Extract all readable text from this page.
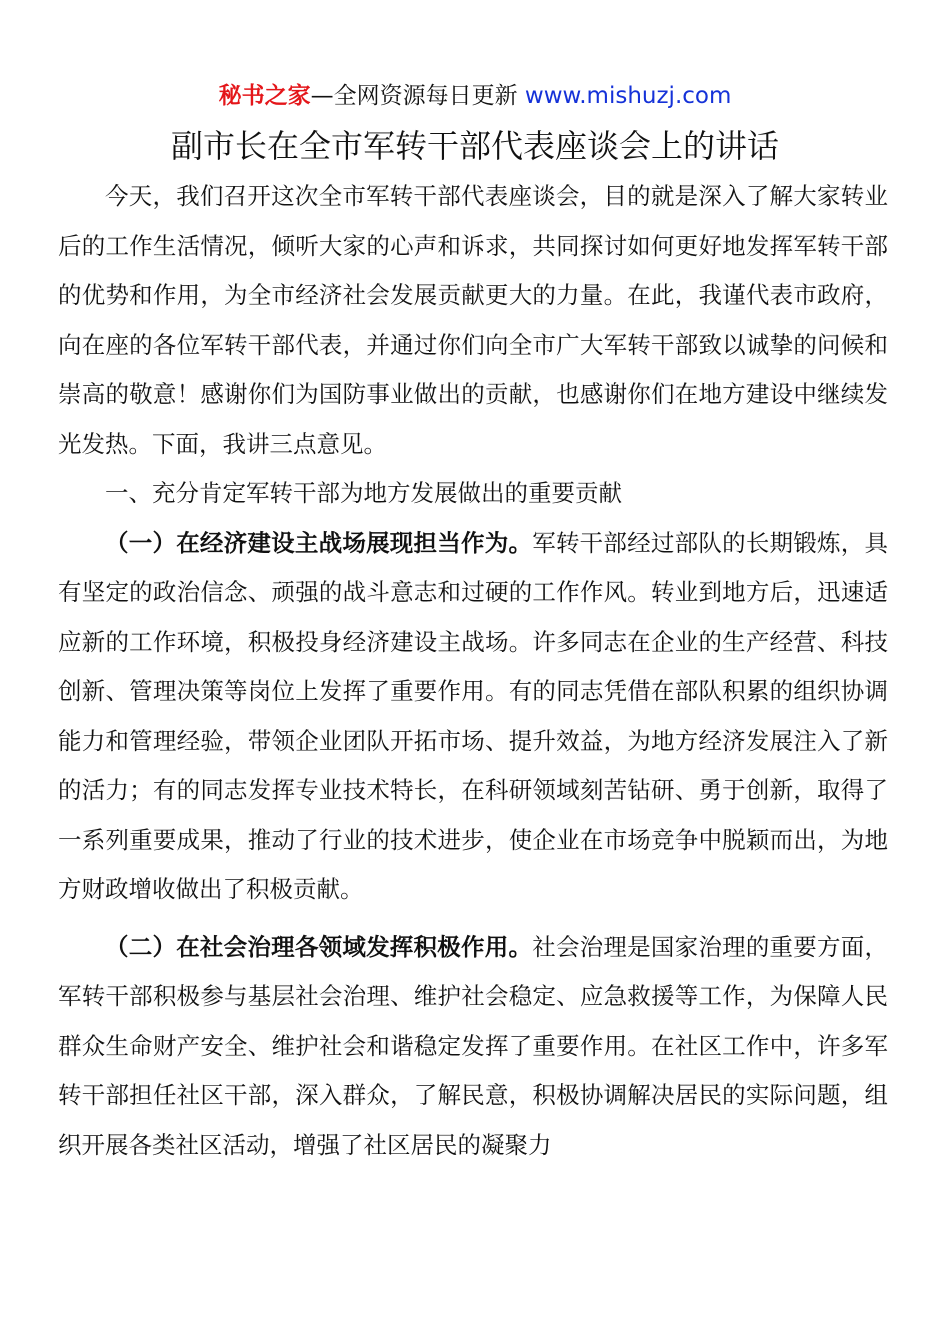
秘书之家—全网资源每日更新 www.mishuzj.com
副市长在全市军转干部代表座谈会上的讲话

今天，我们召开这次全市军转干部代表座谈会，目的就是深入了解大家转业后的工作生活情况，倾听大家的心声和诉求，共同探讨如何更好地发挥军转干部的优势和作用，为全市经济社会发展贡献更大的力量。在此，我谨代表市政府，向在座的各位军转干部代表，并通过你们向全市广大军转干部致以诚挚的问候和崇高的敬意！感谢你们为国防事业做出的贡献，也感谢你们在地方建设中继续发光发热。下面，我讲三点意见。

一、充分肯定军转干部为地方发展做出的重要贡献

（一）在经济建设主战场展现担当作为。军转干部经过部队的长期锻炼，具有坚定的政治信念、顽强的战斗意志和过硬的工作作风。转业到地方后，迅速适应新的工作环境，积极投身经济建设主战场。许多同志在企业的生产经营、科技创新、管理决策等岗位上发挥了重要作用。有的同志凭借在部队积累的组织协调能力和管理经验，带领企业团队开拓市场、提升效益，为地方经济发展注入了新的活力；有的同志发挥专业技术特长，在科研领域刻苦钻研、勇于创新，取得了一系列重要成果，推动了行业的技术进步，使企业在市场竞争中脱颖而出，为地方财政增收做出了积极贡献。

（二）在社会治理各领域发挥积极作用。社会治理是国家治理的重要方面，军转干部积极参与基层社会治理、维护社会稳定、应急救援等工作，为保障人民群众生命财产安全、维护社会和谐稳定发挥了重要作用。在社区工作中，许多军转干部担任社区干部，深入群众，了解民意，积极协调解决居民的实际问题，组织开展各类社区活动，增强了社区居民的凝聚力
